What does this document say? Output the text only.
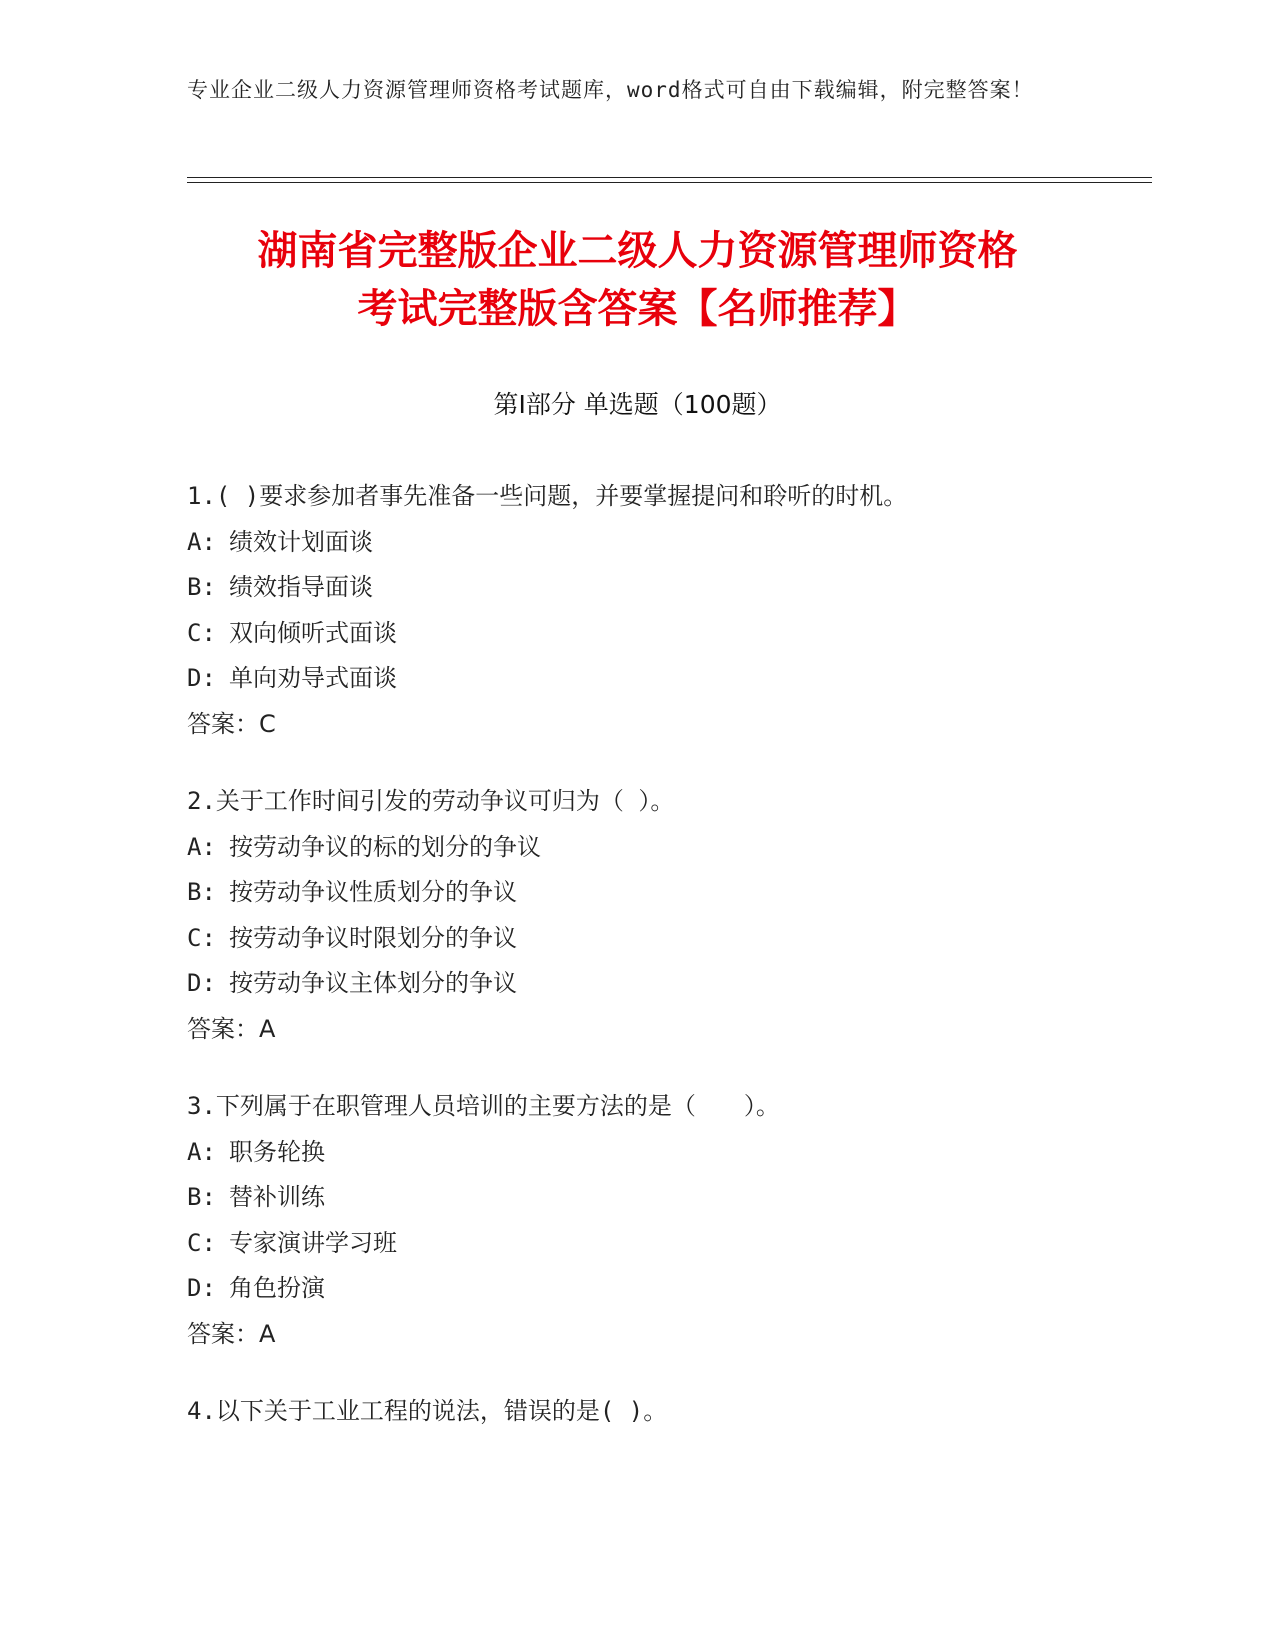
专业企业二级人力资源管理师资格考试题库，word格式可自由下载编辑，附完整答案！
湖南省完整版企业二级人力资源管理师资格
考试完整版含答案【名师推荐】
第Ⅰ部分 单选题（100题）
1.( )要求参加者事先准备一些问题，并要掌握提问和聆听的时机。
A: 绩效计划面谈
B: 绩效指导面谈
C: 双向倾听式面谈
D: 单向劝导式面谈
答案：C
2.关于工作时间引发的劳动争议可归为（ ）。
A: 按劳动争议的标的划分的争议
B: 按劳动争议性质划分的争议
C: 按劳动争议时限划分的争议
D: 按劳动争议主体划分的争议
答案：A
3.下列属于在职管理人员培训的主要方法的是（　　）。
A: 职务轮换
B: 替补训练
C: 专家演讲学习班
D: 角色扮演
答案：A
4.以下关于工业工程的说法，错误的是( )。
